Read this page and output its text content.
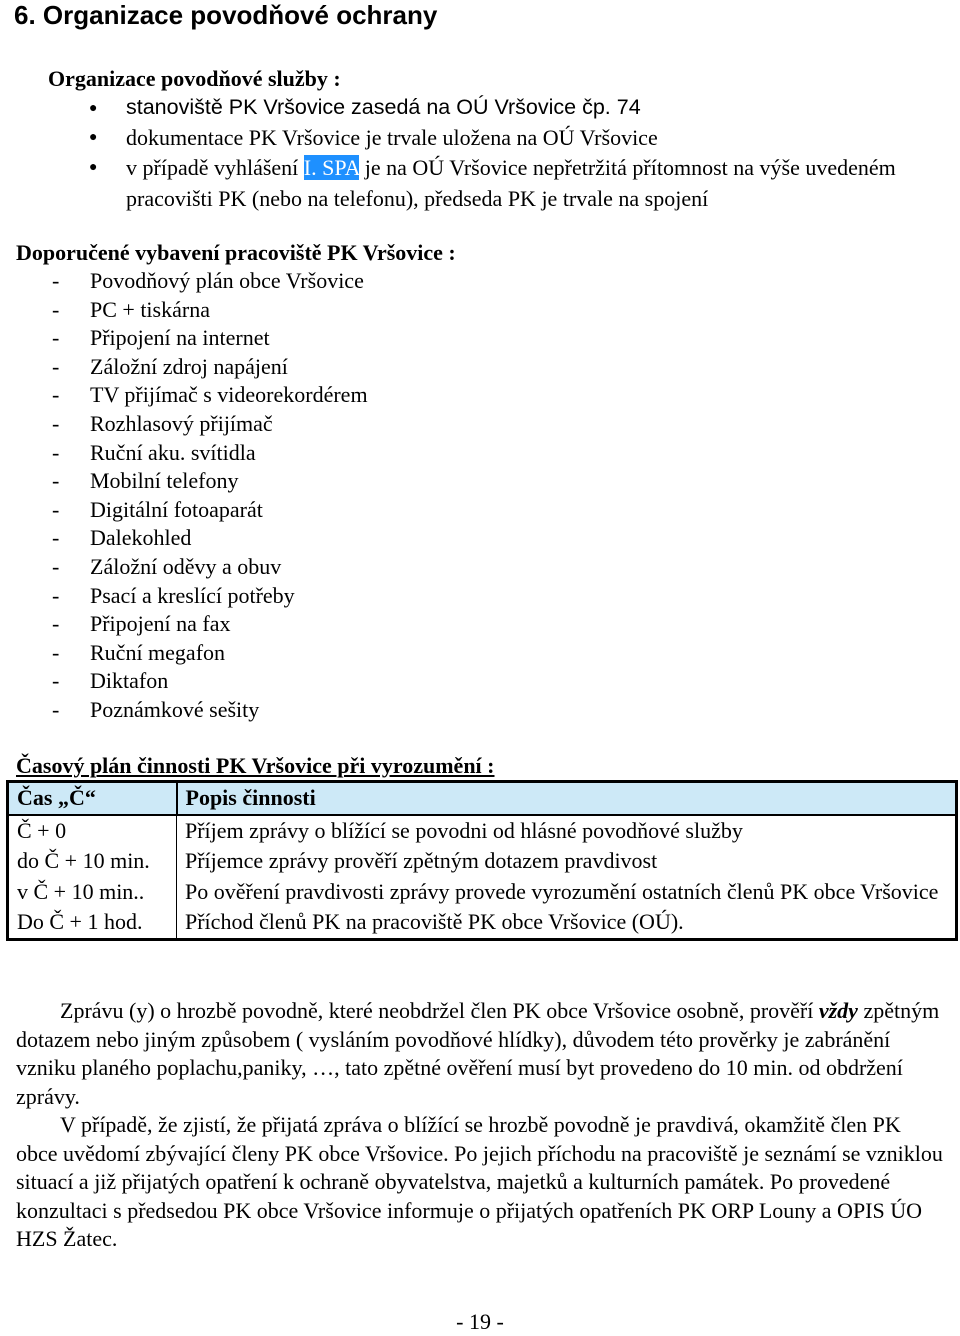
6. Organizace povodňové ochrany
Organizace povodňové služby :
● stanoviště PK Vršovice zasedá na OÚ Vršovice čp. 74
● dokumentace PK Vršovice je trvale uložena na OÚ Vršovice
● v případě vyhlášení I. SPA je na OÚ Vršovice nepřetržitá přítomnost na výše uvedeném pracovišti PK (nebo na telefonu), předseda PK je trvale na spojení
Doporučené vybavení pracoviště PK Vršovice :
- Povodňový plán obce Vršovice
- PC + tiskárna
- Připojení na internet
- Záložní zdroj napájení
- TV přijímač s videorekordérem
- Rozhlasový přijímač
- Ruční aku. svítidla
- Mobilní telefony
- Digitální fotoaparát
- Dalekohled
- Záložní oděvy a obuv
- Psací a kreslící potřeby
- Připojení na fax
- Ruční megafon
- Diktafon
- Poznámkové sešity
Časový plán činnosti PK Vršovice při vyrozumění :
Čas „Č“	Popis činnosti
Č + 0	Příjem zprávy o blížící se povodni od hlásné povodňové služby
do Č + 10 min.	Příjemce zprávy prověří zpětným dotazem pravdivost
v Č + 10 min..	Po ověření pravdivosti zprávy provede vyrozumění ostatních členů PK obce Vršovice
Do Č + 1 hod.	Příchod členů PK na pracoviště PK obce Vršovice (OÚ).

Zprávu (y) o hrozbě povodně, které neobdržel člen PK obce Vršovice osobně, prověří vždy zpětným dotazem nebo jiným způsobem ( vysláním povodňové hlídky), důvodem této prověrky je zabránění vzniku planého poplachu,paniky, …, tato zpětné ověření musí byt provedeno do 10 min. od obdržení zprávy.

V případě, že zjistí, že přijatá zpráva o blížící se hrozbě povodně je pravdivá, okamžitě člen PK obce uvědomí zbývající členy PK obce Vršovice. Po jejich příchodu na pracoviště je seznámí se vzniklou situací a již přijatých opatření k ochraně obyvatelstva, majetků a kulturních památek. Po provedené konzultaci s předsedou PK obce Vršovice informuje o přijatých opatřeních PK ORP Louny a OPIS ÚO HZS Žatec.

- 19 -
